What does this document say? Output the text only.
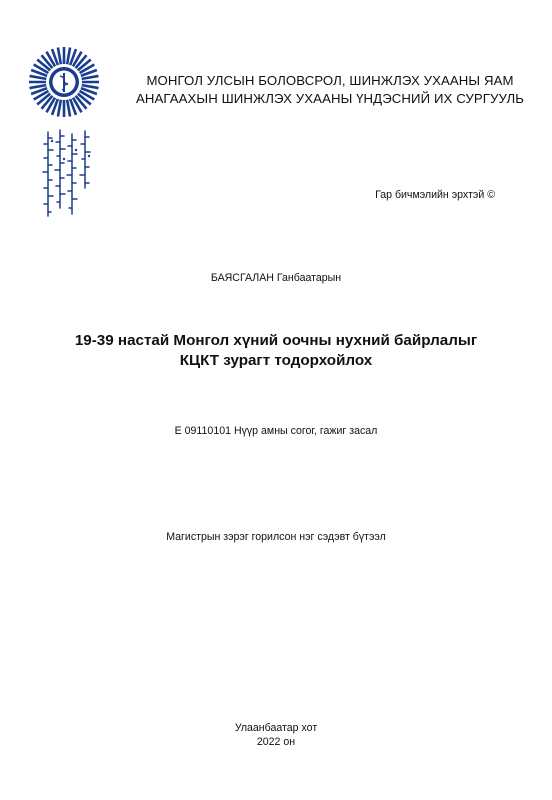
МОНГОЛ УЛСЫН БОЛОВСРОЛ, ШИНЖЛЭХ УХААНЫ ЯАМ
АНАГААХЫН ШИНЖЛЭХ УХААНЫ ҮНДЭСНИЙ ИХ СУРГУУЛЬ
Гар бичмэлийн эрхтэй ©
БАЯСГАЛАН Ганбаатарын
19-39 настай Монгол хүний оочны нухний байрлалыг
КЦКТ зурагт тодорхойлох
Е 09110101 Нүүр амны согог, гажиг засал
Магистрын зэрэг горилсон нэг сэдэвт бүтээл
Улаанбаатар хот
2022 он
